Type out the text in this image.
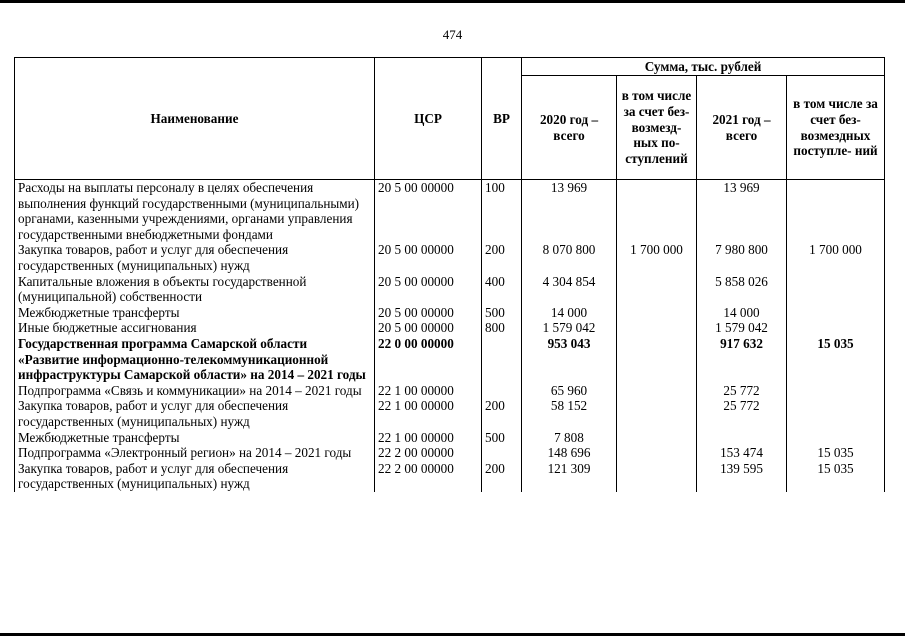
474
Наименование	ЦСР	ВР	Сумма, тыс. рублей			
			2020 год – всего	в том числе за счет без- возмезд- ных по- ступлений	2021 год – всего	в том числе за счет без- возмездных поступле- ний
Расходы на выплаты персоналу в целях обеспечения выполнения функций государственными (муниципальными) органами, казенными учреждениями, органами управления государственными внебюджетными фондами	20 5 00 00000	100	13 969		13 969	
Закупка товаров, работ и услуг для обеспечения государственных (муниципальных) нужд	20 5 00 00000	200	8 070 800	1 700 000	7 980 800	1 700 000
Капитальные вложения в объекты государственной (муниципальной) собственности	20 5 00 00000	400	4 304 854		5 858 026	
Межбюджетные трансферты	20 5 00 00000	500	14 000		14 000	
Иные бюджетные ассигнования	20 5 00 00000	800	1 579 042		1 579 042	
Государственная программа Самарской области «Развитие информационно-телекоммуникационной инфраструктуры Самарской области» на 2014 – 2021 годы	22 0 00 00000		953 043		917 632	15 035
Подпрограмма «Связь и коммуникации» на 2014 – 2021 годы	22 1 00 00000		65 960		25 772	
Закупка товаров, работ и услуг для обеспечения государственных (муниципальных) нужд	22 1 00 00000	200	58 152		25 772	
Межбюджетные трансферты	22 1 00 00000	500	7 808			
Подпрограмма «Электронный регион» на 2014 – 2021 годы	22 2 00 00000		148 696		153 474	15 035
Закупка товаров, работ и услуг для обеспечения государственных (муниципальных) нужд	22 2 00 00000	200	121 309		139 595	15 035
